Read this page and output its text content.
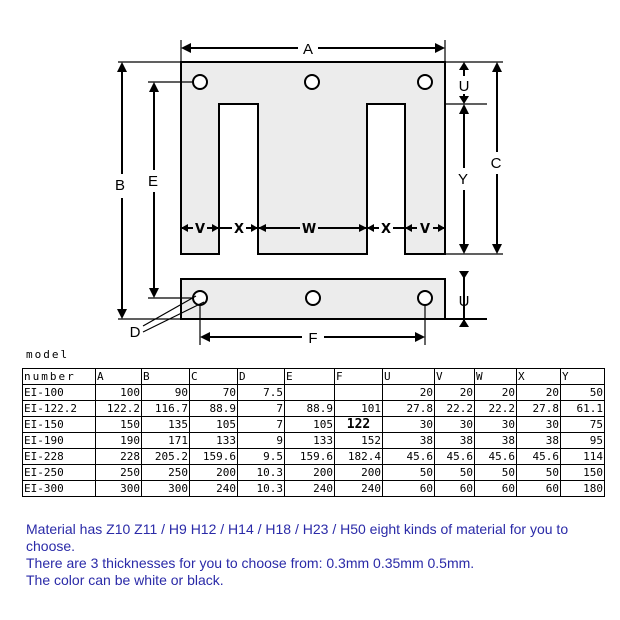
A
B E
C
U
Y
U
V X	W	X V
F
D
model
number	A	B	C	D	E	F	U	V	W	X	Y
EI-100	100	90	70	7.5			20	20	20	20	50
EI-122.2	122.2	116.7	88.9	7	88.9	101	27.8	22.2	22.2	27.8	61.1
EI-150	150	135	105	7	105	122	30	30	30	30	75
EI-190	190	171	133	9	133	152	38	38	38	38	95
EI-228	228	205.2	159.6	9.5	159.6	182.4	45.6	45.6	45.6	45.6	114
EI-250	250	250	200	10.3	200	200	50	50	50	50	150
EI-300	300	300	240	10.3	240	240	60	60	60	60	180

Material has Z10 Z11 / H9 H12 / H14 / H18 / H23 / H50 eight kinds of material for you to choose.

There are 3 thicknesses for you to choose from: 0.3mm 0.35mm 0.5mm.

The color can be white or black.
